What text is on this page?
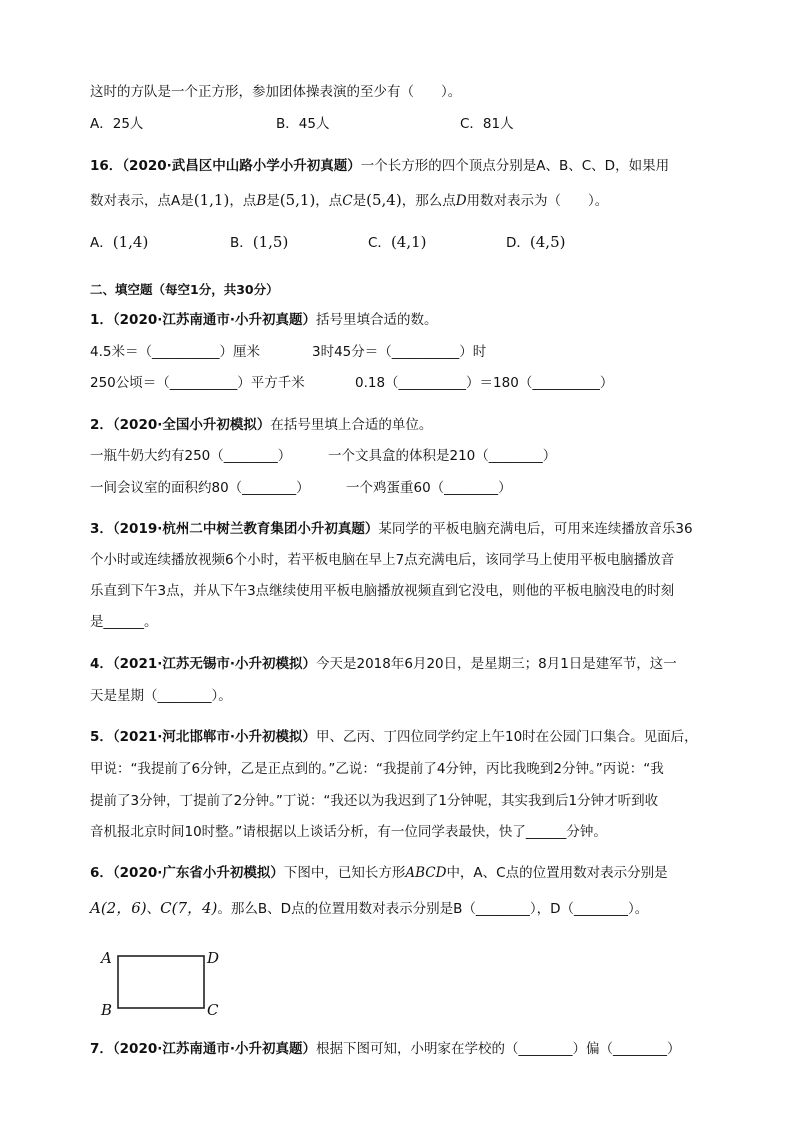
这时的方队是一个正方形，参加团体操表演的至少有（　　）。
A．25人	B．45人	C．81人
16．（2020·武昌区中山路小学小升初真题）一个长方形的四个顶点分别是A、B、C、D，如果用
数对表示，点A是(1,1)，点B是(5,1)，点C是(5,4)，那么点D用数对表示为（　　）。
A．(1,4)	B．(1,5)	C．(4,1)	D．(4,5)
二、填空题（每空1分，共30分）
1．（2020·江苏南通市·小升初真题）括号里填合适的数。
4.5米＝（__________）厘米	3时45分＝（__________）时
250公顷＝（__________）平方千米	0.18（__________）＝180（__________）
2．（2020·全国小升初模拟）在括号里填上合适的单位。
一瓶牛奶大约有250（________）	一个文具盒的体积是210（________）
一间会议室的面积约80（________）	一个鸡蛋重60（________）
3．（2019·杭州二中树兰教育集团小升初真题）某同学的平板电脑充满电后，可用来连续播放音乐36
个小时或连续播放视频6个小时，若平板电脑在早上7点充满电后，该同学马上使用平板电脑播放音
乐直到下午3点，并从下午3点继续使用平板电脑播放视频直到它没电，则他的平板电脑没电的时刻
是______。
4．（2021·江苏无锡市·小升初模拟）今天是2018年6月20日，是星期三；8月1日是建军节，这一
天是星期（________）。
5．（2021·河北邯郸市·小升初模拟）甲、乙丙、丁四位同学约定上午10时在公园门口集合。见面后，
甲说：“我提前了6分钟，乙是正点到的。”乙说：“我提前了4分钟，丙比我晚到2分钟。”丙说：“我
提前了3分钟，丁提前了2分钟。”丁说：“我还以为我迟到了1分钟呢，其实我到后1分钟才听到收
音机报北京时间10时整。”请根据以上谈话分析，有一位同学表最快，快了______分钟。
6．（2020·广东省小升初模拟）下图中，已知长方形ABCD中，A、C点的位置用数对表示分别是
A(2，6)、C(7，4)。那么B、D点的位置用数对表示分别是B（________），D（________）。
A	D
B	C
7．（2020·江苏南通市·小升初真题）根据下图可知，小明家在学校的（________）偏（________）
